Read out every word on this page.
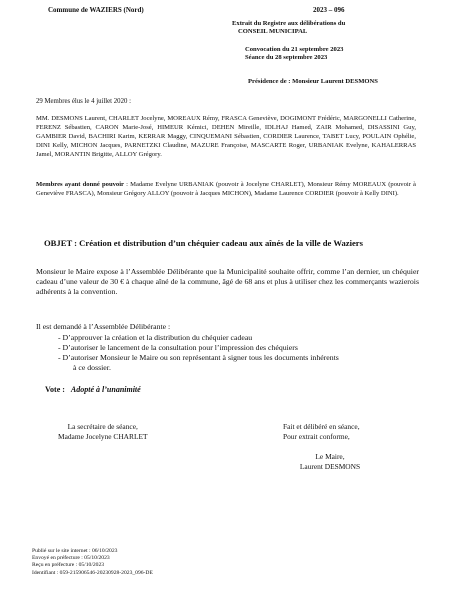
Commune de WAZIERS (Nord)	2023 – 096
Extrait du Registre aux délibérations du
CONSEIL MUNICIPAL
Convocation du 21 septembre 2023
Séance du 28 septembre 2023
Présidence de : Monsieur Laurent DESMONS
29 Membres élus le 4 juillet 2020 :
MM. DESMONS Laurent, CHARLET Jocelyne, MOREAUX Rémy, FRASCA Geneviève, DOGIMONT Frédéric, MARGONELLI Catherine, FERENZ Sébastien, CARON Marie-José, HIMEUR Kémici, DEHEN Mireille, IDLHAJ Hamed, ZAIR Mohamed, DISASSINI Guy, GAMBIER David, BACHIRI Karim, KERRAR Maggy, CINQUEMANI Sébastien, CORDIER Laurence, TABET Lucy, POULAIN Ophélie, DINI Kelly, MICHON Jacques, PARNETZKI Claudine, MAZURE Françoise, MASCARTE Roger, URBANIAK Evelyne, KAHALERRAS Jamel, MORANTIN Brigitte, ALLOY Grégory.
Membres ayant donné pouvoir : Madame Evelyne URBANIAK (pouvoir à Jocelyne CHARLET), Monsieur Rémy MOREAUX (pouvoir à Geneviève FRASCA), Monsieur Grégory ALLOY (pouvoir à Jacques MICHON), Madame Laurence CORDIER (pouvoir à Kelly DINI).
OBJET : Création et distribution d’un chéquier cadeau aux aînés de la ville de Waziers
Monsieur le Maire expose à l’Assemblée Délibérante que la Municipalité souhaite offrir, comme l’an dernier, un chéquier cadeau d’une valeur de 30 € à chaque aîné de la commune, âgé de 68 ans et plus à utiliser chez les commerçants wazierois adhérents à la convention.
Il est demandé à l’Assemblée Délibérante :
- D’approuver la création et la distribution du chéquier cadeau
- D’autoriser le lancement de la consultation pour l’impression des chéquiers
- D’autoriser Monsieur le Maire ou son représentant à signer tous les documents inhérents
à ce dossier.
Vote : Adopté à l’unanimité
La secrétaire de séance,
Madame Jocelyne CHARLET
Fait et délibéré en séance,
Pour extrait conforme,
Le Maire,
Laurent DESMONS
Publié sur le site internet : 06/10/2023
Envoyé en préfecture : 05/10/2023
Reçu en préfecture : 05/10/2023
Identifiant : 059-215906546-20230928-2023_096-DE
